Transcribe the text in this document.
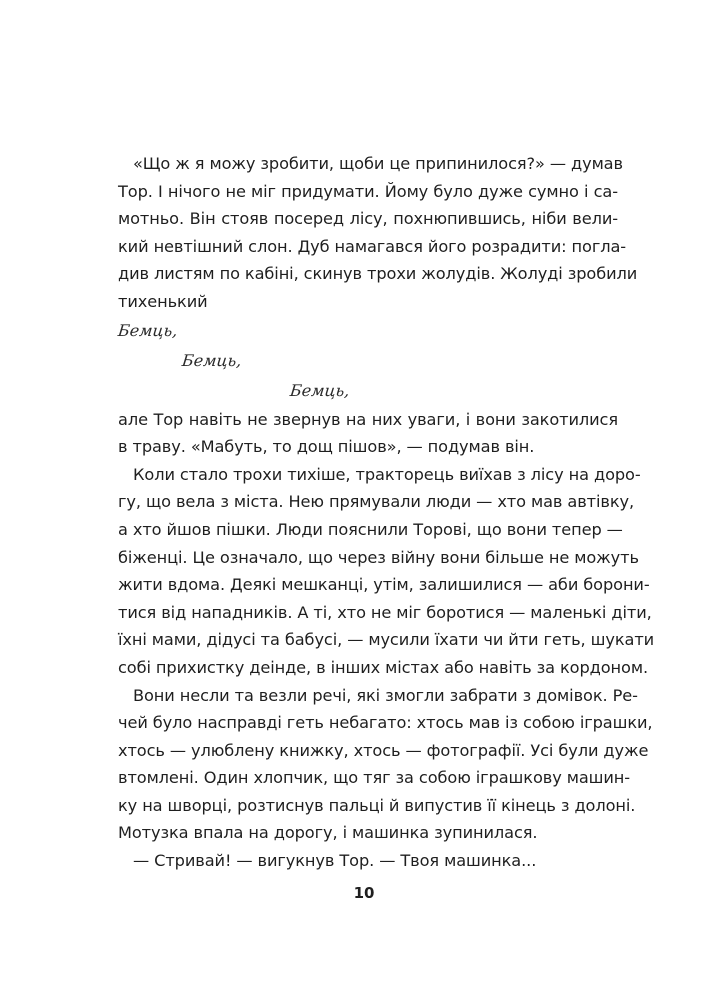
«Що ж я можу зробити, щоби це припинилося?» — думав
Тор. І нічого не міг придумати. Йому було дуже сумно і са-
мотньо. Він стояв посеред лісу, похнюпившись, ніби вели-
кий невтішний слон. Дуб намагався його розрадити: погла-
див листям по кабіні, скинув трохи жолудів. Жолуді зробили
тихенький
Бемць,
Бемць,
Бемць,
але Тор навіть не звернув на них уваги, і вони закотилися
в траву. «Мабуть, то дощ пішов», — подумав він.
Коли стало трохи тихіше, тракторець виїхав з лісу на доро-
гу, що вела з міста. Нею прямували люди — хто мав автівку,
а хто йшов пішки. Люди пояснили Торові, що вони тепер —
біженці. Це означало, що через війну вони більше не можуть
жити вдома. Деякі мешканці, утім, залишилися — аби борони-
тися від нападників. А ті, хто не міг боротися — маленькі діти,
їхні мами, дідусі та бабусі, — мусили їхати чи йти геть, шукати
собі прихистку деінде, в інших містах або навіть за кордоном.
Вони несли та везли речі, які змогли забрати з домівок. Ре-
чей було насправді геть небагато: хтось мав із собою іграшки,
хтось — улюблену книжку, хтось — фотографії. Усі були дуже
втомлені. Один хлопчик, що тяг за собою іграшкову машин-
ку на шворці, розтиснув пальці й випустив її кінець з долоні.
Мотузка впала на дорогу, і машинка зупинилася.
— Стривай! — вигукнув Тор. — Твоя машинка...
10
